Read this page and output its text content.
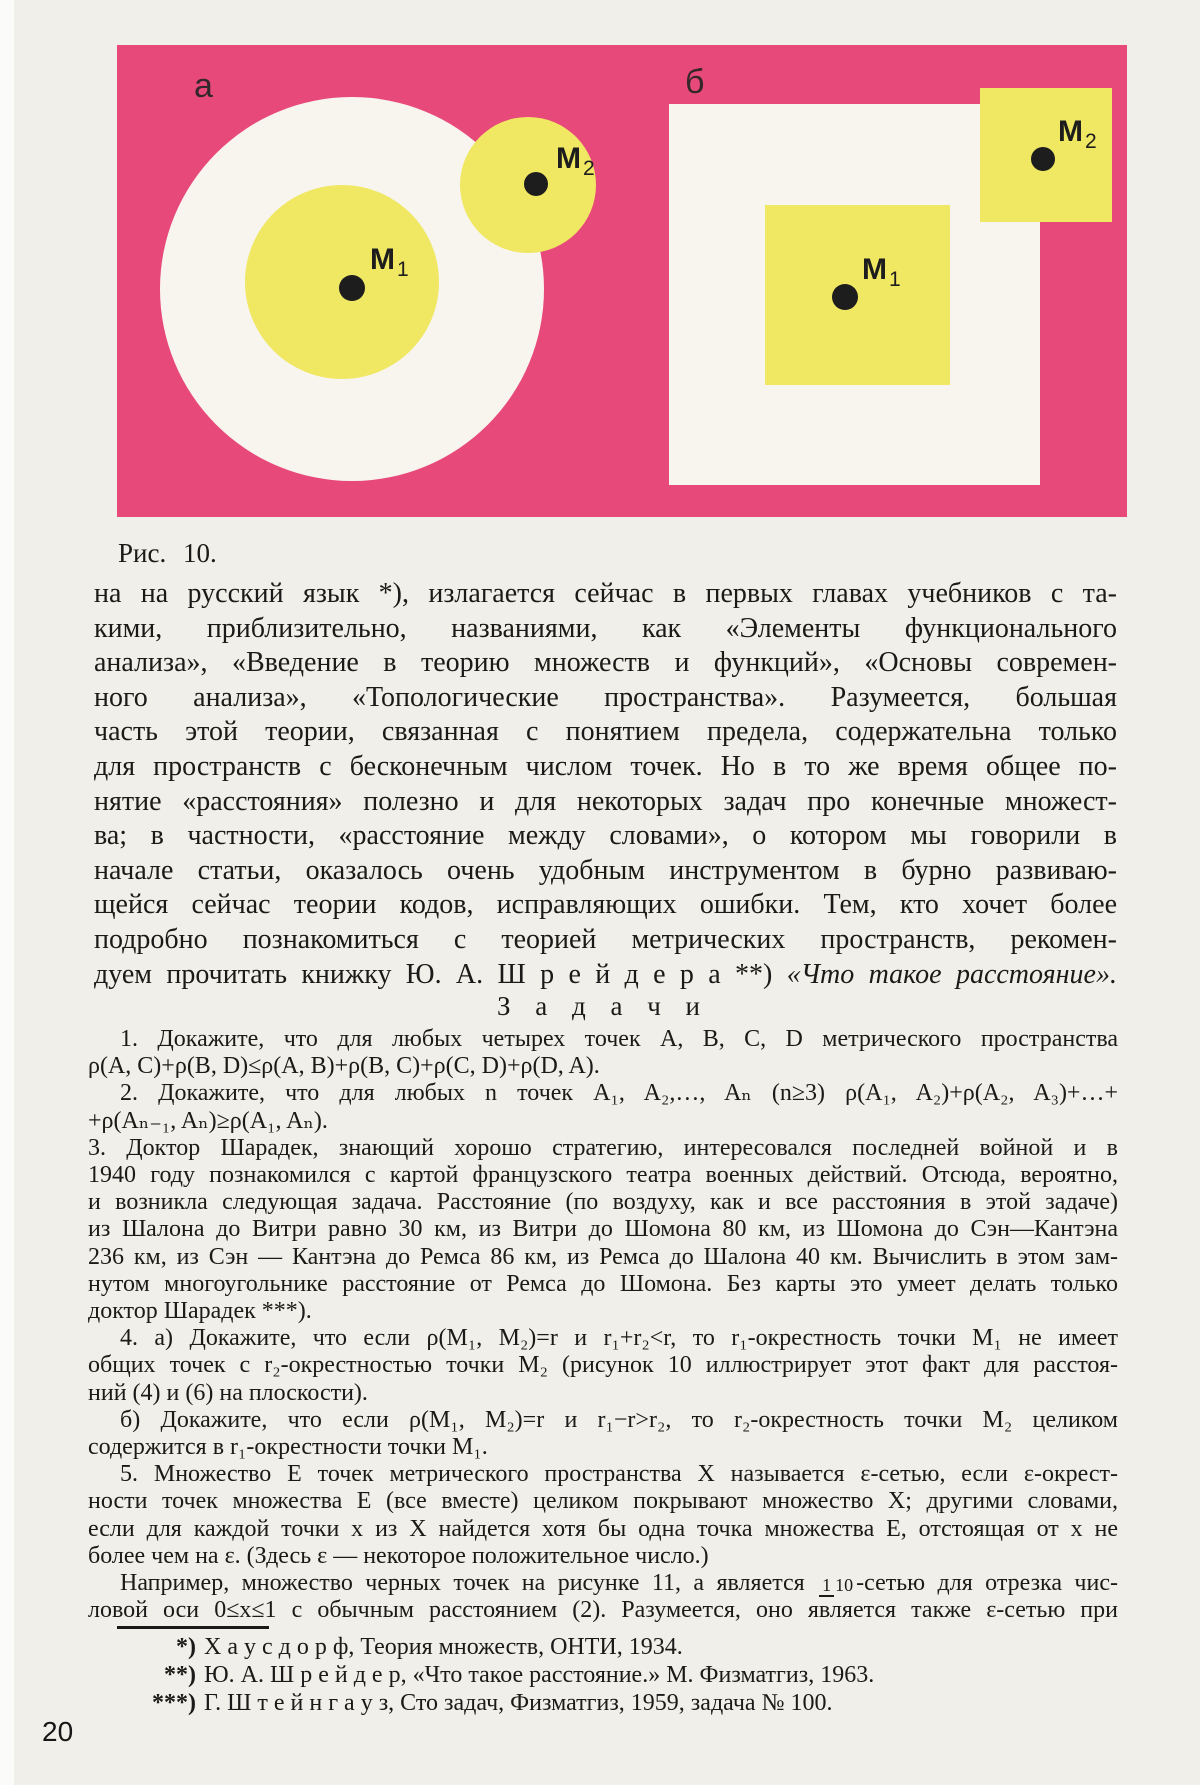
а	б
$М_1$
$М_2$
$М_1$
$М_2$
Рис. 10.
на на русский язык *), излагается сейчас в первых главах учебников с та-
кими, приблизительно, названиями, как «Элементы функционального
анализа», «Введение в теорию множеств и функций», «Основы современ-
ного анализа», «Топологические пространства». Разумеется, большая
часть этой теории, связанная с понятием предела, содержательна только
для пространств с бесконечным числом точек. Но в то же время общее по-
нятие «расстояния» полезно и для некоторых задач про конечные множест-
ва; в частности, «расстояние между словами», о котором мы говорили в
начале статьи, оказалось очень удобным инструментом в бурно развиваю-
щейся сейчас теории кодов, исправляющих ошибки. Тем, кто хочет более
подробно познакомиться с теорией метрических пространств, рекомен-
дуем прочитать книжку Ю. А. Ш р е й д е р а **) «Что такое расстояние».
З а д а ч и
1. Докажите, что для любых четырех точек A, B, C, D метрического пространства
ρ(A, C)+ρ(B, D)≤ρ(A, B)+ρ(B, C)+ρ(C, D)+ρ(D, A).
2. Докажите, что для любых n точек A₁, A₂,…, Aₙ (n≥3) ρ(A₁, A₂)+ρ(A₂, A₃)+…+
+ρ(Aₙ₋₁, Aₙ)≥ρ(A₁, Aₙ).
3. Доктор Шарадек, знающий хорошо стратегию, интересовался последней войной и в
1940 году познакомился с картой французского театра военных действий. Отсюда, вероятно,
и возникла следующая задача. Расстояние (по воздуху, как и все расстояния в этой задаче)
из Шалона до Витри равно 30 км, из Витри до Шомона 80 км, из Шомона до Сэн—Кантэна
236 км, из Сэн — Кантэна до Ремса 86 км, из Ремса до Шалона 40 км. Вычислить в этом зам-
нутом многоугольнике расстояние от Ремса до Шомона. Без карты это умеет делать только
доктор Шарадек ***).
4. а) Докажите, что если ρ(M₁, M₂)=r и r₁+r₂<r, то r₁-окрестность точки M₁ не имеет
общих точек с r₂-окрестностью точки M₂ (рисунок 10 иллюстрирует этот факт для расстоя-
ний (4) и (6) на плоскости).
б) Докажите, что если ρ(M₁, M₂)=r и r₁−r>r₂, то r₂-окрестность точки M₂ целиком
содержится в r₁-окрестности точки M₁.
5. Множество E точек метрического пространства X называется ε-сетью, если ε-окрест-
ности точек множества E (все вместе) целиком покрывают множество X; другими словами,
если для каждой точки x из X найдется хотя бы одна точка множества E, отстоящая от x не
более чем на ε. (Здесь ε — некоторое положительное число.)
Например, множество черных точек на рисунке 11, а является 1 10 -сетью для отрезка чис-
ловой оси 0≤x≤1 с обычным расстоянием (2). Разумеется, оно является также ε-сетью при
*) Х а у с д о р ф, Теория множеств, ОНТИ, 1934.
**) Ю. А. Ш р е й д е р, «Что такое расстояние.» М. Физматгиз, 1963.
***) Г. Ш т е й н г а у з, Сто задач, Физматгиз, 1959, задача № 100.
20
